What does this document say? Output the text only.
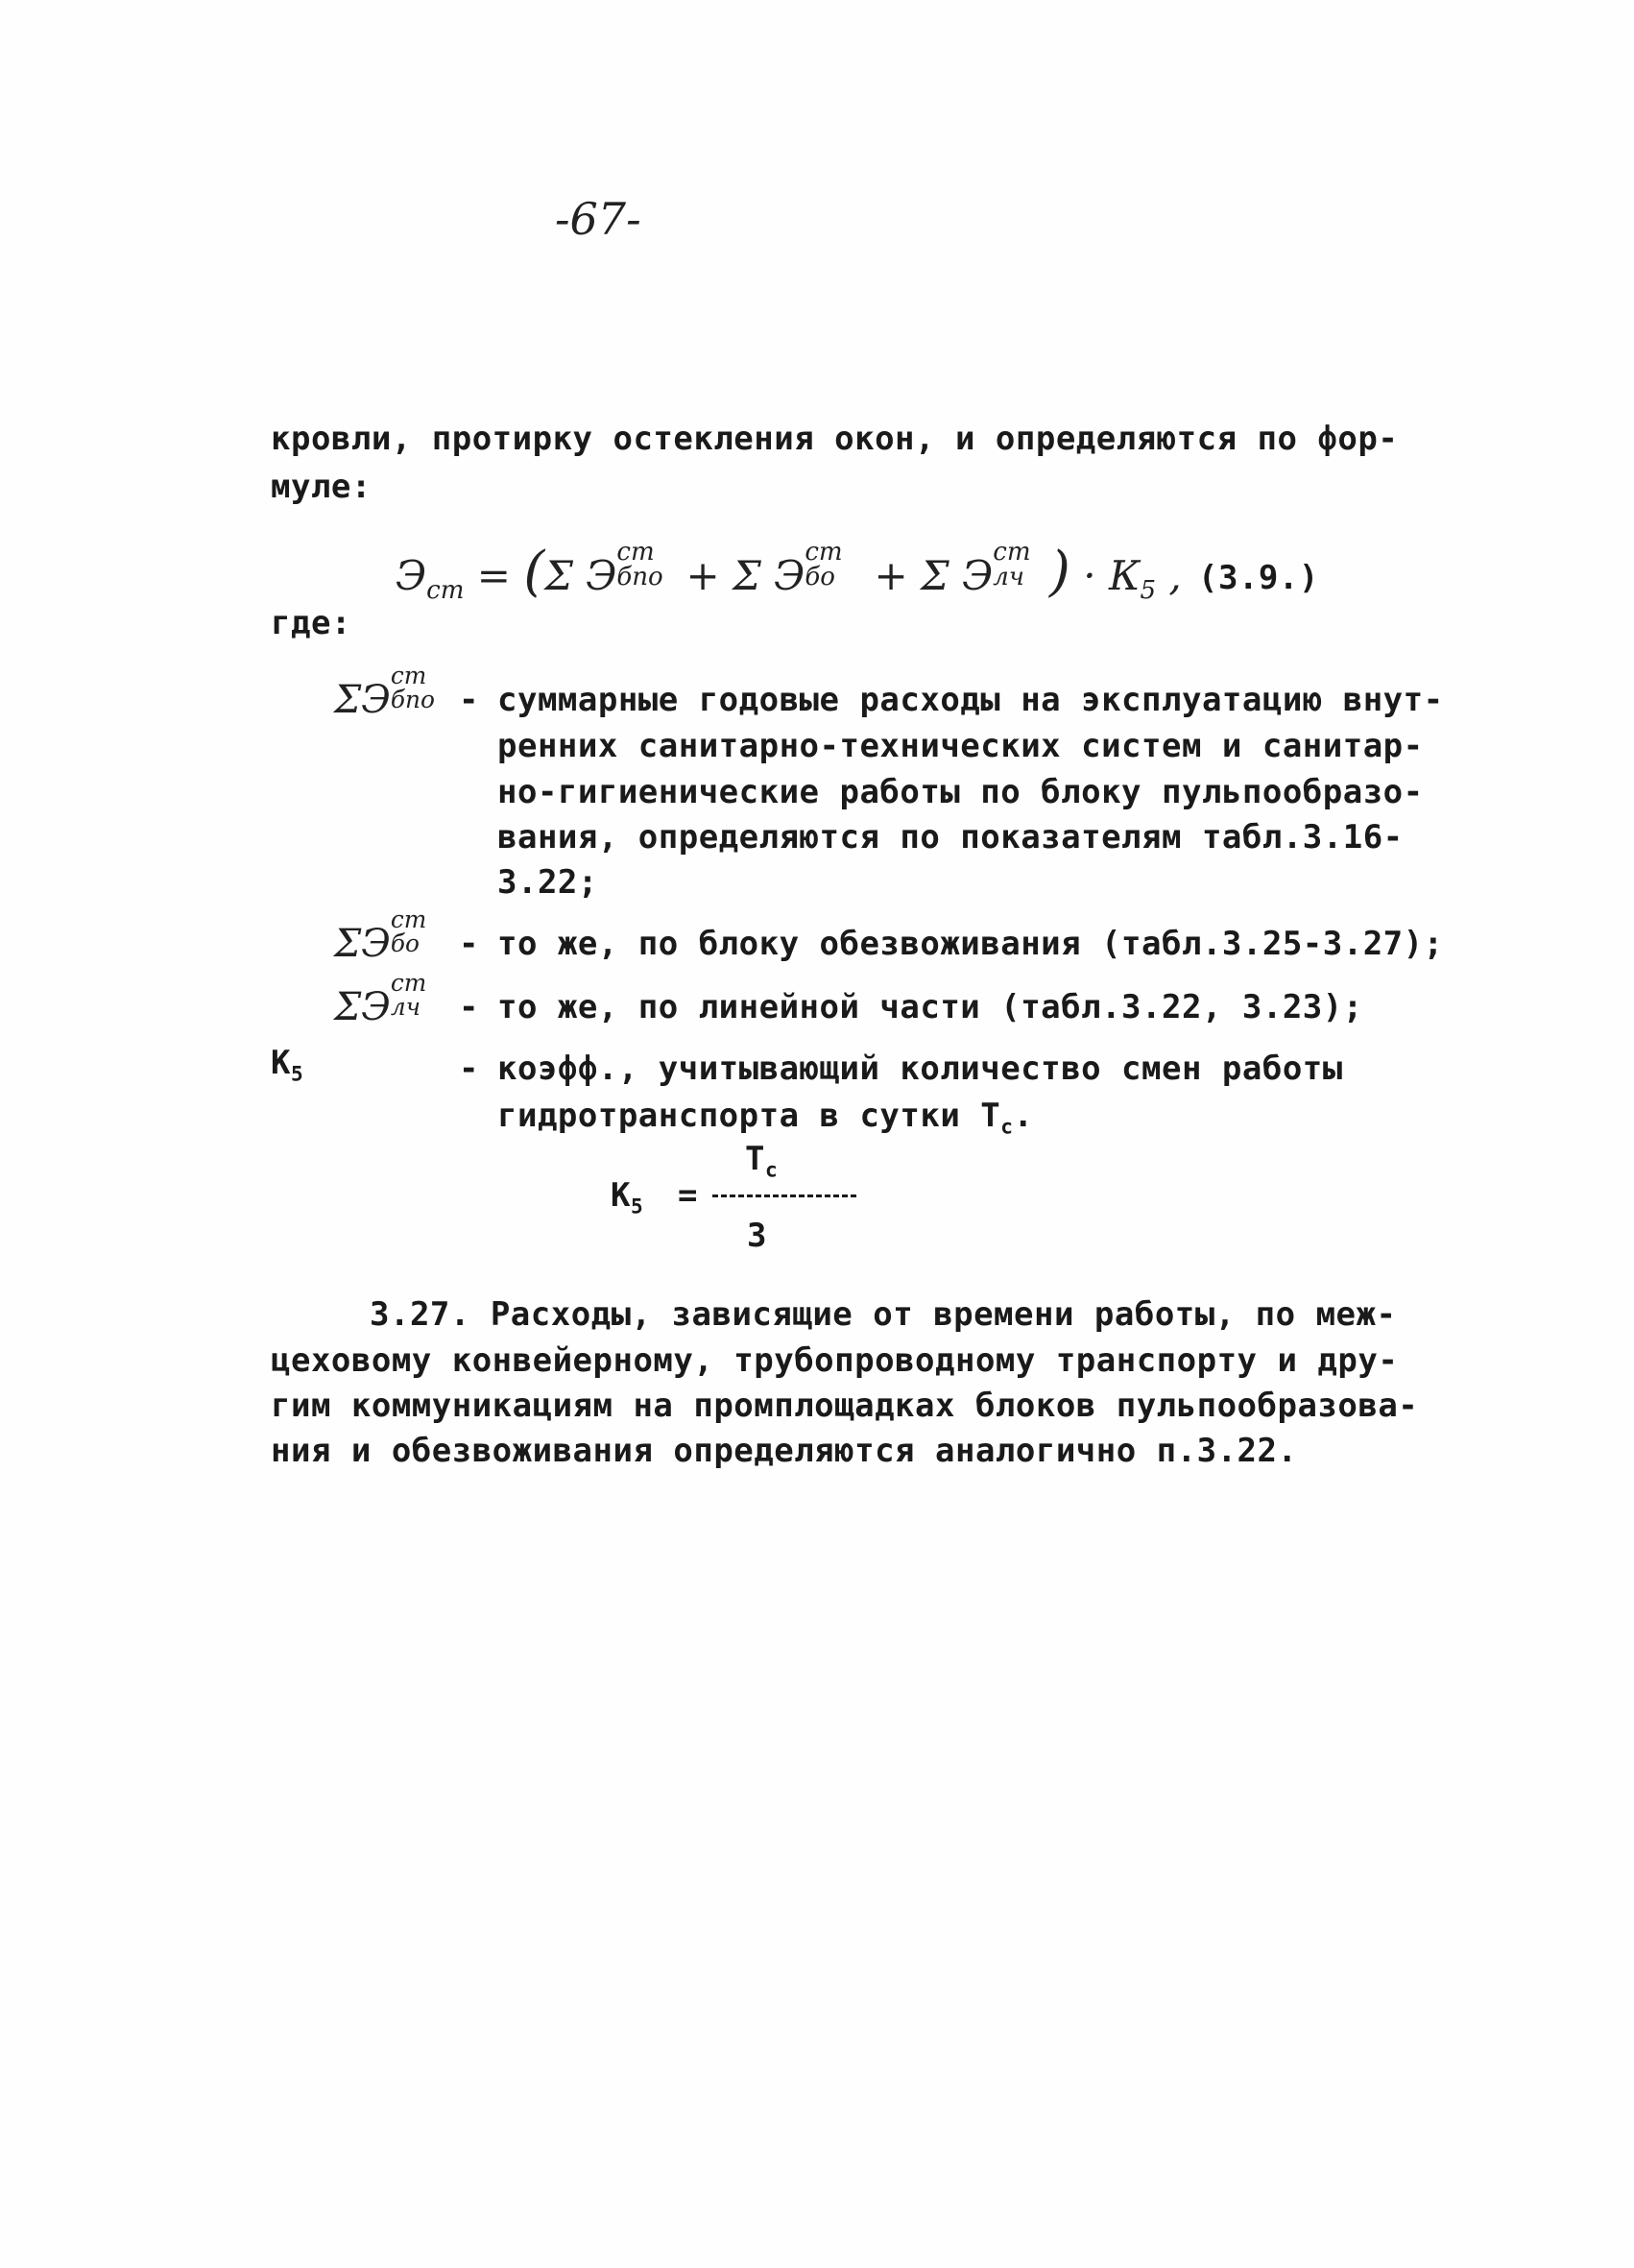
-67-
кровли, протирку остекления окон, и определяются по фор-
муле:
$Э_{ст} = (\Sigma$ Э
ст
бпо + Σ Э
ст
бо + Σ Э
ст
лч ) · $К_5$ , (3.9.)
где:
ΣЭ
ст
бпо - суммарные годовые расходы на эксплуатацию внут-
ренних санитарно-технических систем и санитар-
но-гигиенические работы по блоку пульпообразо-
вания, определяются по показателям табл.3.16-
3.22;
ΣЭ
ст
бо - то же, по блоку обезвоживания (табл.3.25-3.27);
ΣЭ
ст
лч - то же, по линейной части (табл.3.22, 3.23);
$К_5$	- коэфф., учитывающий количество смен работы
гидротранспорта в сутки $Т_с$.
$К_5$ =
$Т_с$
3
3.27. Расходы, зависящие от времени работы, по меж-
цеховому конвейерному, трубопроводному транспорту и дру-
гим коммуникациям на промплощадках блоков пульпообразова-
ния и обезвоживания определяются аналогично п.3.22.
